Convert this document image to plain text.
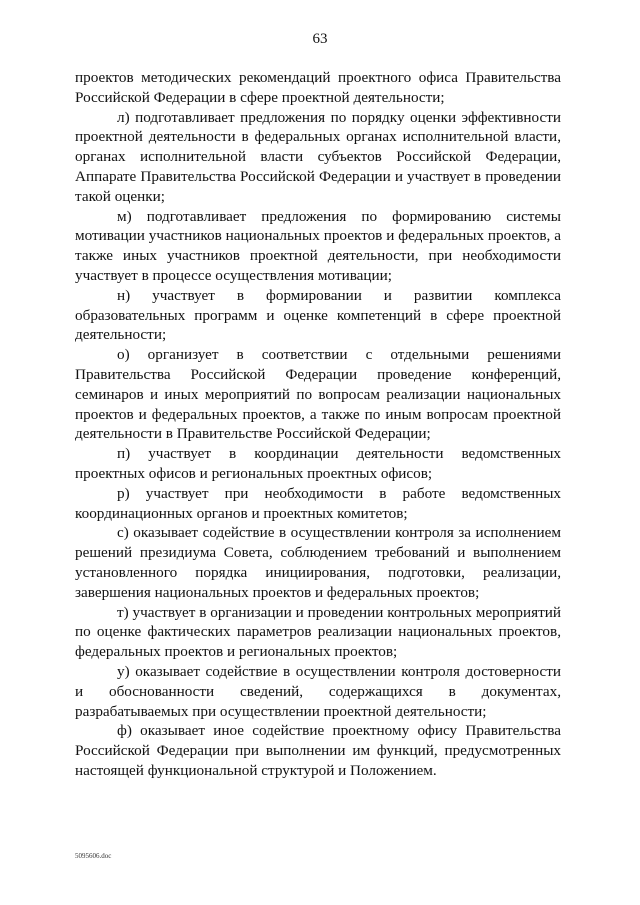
63

проектов методических рекомендаций проектного офиса Правительства Российской Федерации в сфере проектной деятельности;

л) подготавливает предложения по порядку оценки эффективности проектной деятельности в федеральных органах исполнительной власти, органах исполнительной власти субъектов Российской Федерации, Аппарате Правительства Российской Федерации и участвует в проведении такой оценки;

м) подготавливает предложения по формированию системы мотивации участников национальных проектов и федеральных проектов, а также иных участников проектной деятельности, при необходимости участвует в процессе осуществления мотивации;

н) участвует в формировании и развитии комплекса образовательных программ и оценке компетенций в сфере проектной деятельности;

о) организует в соответствии с отдельными решениями Правительства Российской Федерации проведение конференций, семинаров и иных мероприятий по вопросам реализации национальных проектов и федеральных проектов, а также по иным вопросам проектной деятельности в Правительстве Российской Федерации;

п) участвует в координации деятельности ведомственных проектных офисов и региональных проектных офисов;

р) участвует при необходимости в работе ведомственных координационных органов и проектных комитетов;

с) оказывает содействие в осуществлении контроля за исполнением решений президиума Совета, соблюдением требований и выполнением установленного порядка инициирования, подготовки, реализации, завершения национальных проектов и федеральных проектов;

т) участвует в организации и проведении контрольных мероприятий по оценке фактических параметров реализации национальных проектов, федеральных проектов и региональных проектов;

у) оказывает содействие в осуществлении контроля достоверности и обоснованности сведений, содержащихся в документах, разрабатываемых при осуществлении проектной деятельности;

ф) оказывает иное содействие проектному офису Правительства Российской Федерации при выполнении им функций, предусмотренных настоящей функциональной структурой и Положением.

5095606.doc
